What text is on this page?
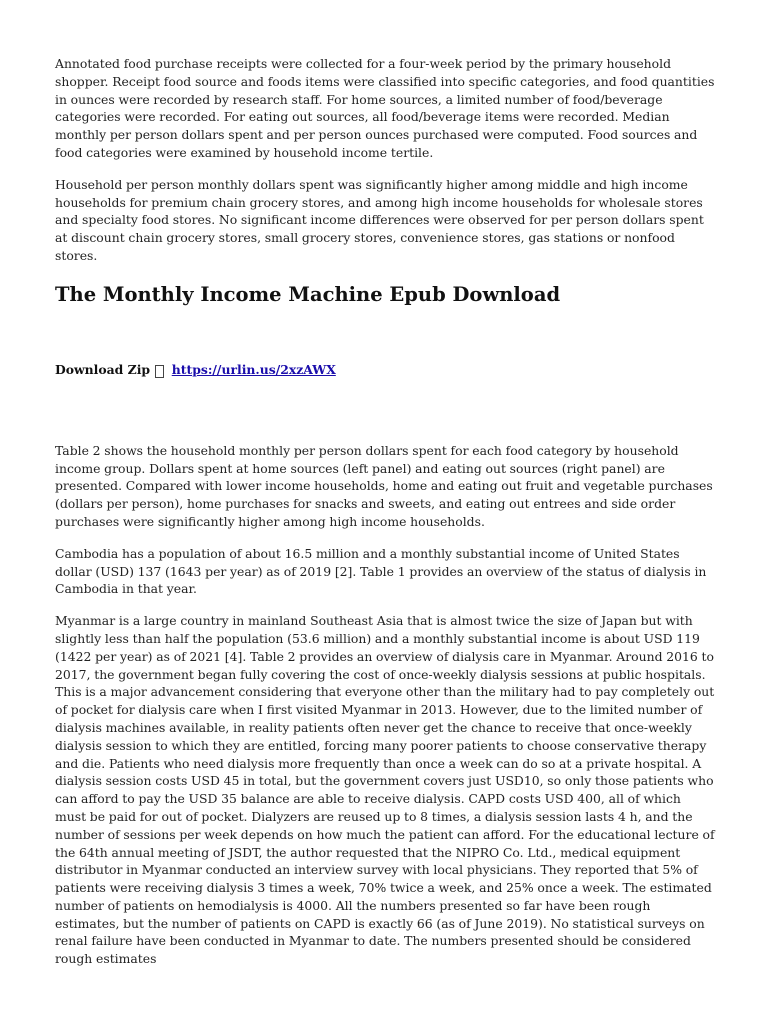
Annotated food purchase receipts were collected for a four-week period by the primary household shopper. Receipt food source and foods items were classified into specific categories, and food quantities in ounces were recorded by research staff. For home sources, a limited number of food/beverage categories were recorded. For eating out sources, all food/beverage items were recorded. Median monthly per person dollars spent and per person ounces purchased were computed. Food sources and food categories were examined by household income tertile.

Household per person monthly dollars spent was significantly higher among middle and high income households for premium chain grocery stores, and among high income households for wholesale stores and specialty food stores. No significant income differences were observed for per person dollars spent at discount chain grocery stores, small grocery stores, convenience stores, gas stations or nonfood stores.

The Monthly Income Machine Epub Download
Download Zip https://urlin.us/2xzAWX

Table 2 shows the household monthly per person dollars spent for each food category by household income group. Dollars spent at home sources (left panel) and eating out sources (right panel) are presented. Compared with lower income households, home and eating out fruit and vegetable purchases (dollars per person), home purchases for snacks and sweets, and eating out entrees and side order purchases were significantly higher among high income households.

Cambodia has a population of about 16.5 million and a monthly substantial income of United States dollar (USD) 137 (1643 per year) as of 2019 [2]. Table 1 provides an overview of the status of dialysis in Cambodia in that year.

Myanmar is a large country in mainland Southeast Asia that is almost twice the size of Japan but with slightly less than half the population (53.6 million) and a monthly substantial income is about USD 119 (1422 per year) as of 2021 [4]. Table 2 provides an overview of dialysis care in Myanmar. Around 2016 to 2017, the government began fully covering the cost of once-weekly dialysis sessions at public hospitals. This is a major advancement considering that everyone other than the military had to pay completely out of pocket for dialysis care when I first visited Myanmar in 2013. However, due to the limited number of dialysis machines available, in reality patients often never get the chance to receive that once-weekly dialysis session to which they are entitled, forcing many poorer patients to choose conservative therapy and die. Patients who need dialysis more frequently than once a week can do so at a private hospital. A dialysis session costs USD 45 in total, but the government covers just USD10, so only those patients who can afford to pay the USD 35 balance are able to receive dialysis. CAPD costs USD 400, all of which must be paid for out of pocket. Dialyzers are reused up to 8 times, a dialysis session lasts 4 h, and the number of sessions per week depends on how much the patient can afford. For the educational lecture of the 64th annual meeting of JSDT, the author requested that the NIPRO Co. Ltd., medical equipment distributor in Myanmar conducted an interview survey with local physicians. They reported that 5% of patients were receiving dialysis 3 times a week, 70% twice a week, and 25% once a week. The estimated number of patients on hemodialysis is 4000. All the numbers presented so far have been rough estimates, but the number of patients on CAPD is exactly 66 (as of June 2019). No statistical surveys on renal failure have been conducted in Myanmar to date. The numbers presented should be considered rough estimates
